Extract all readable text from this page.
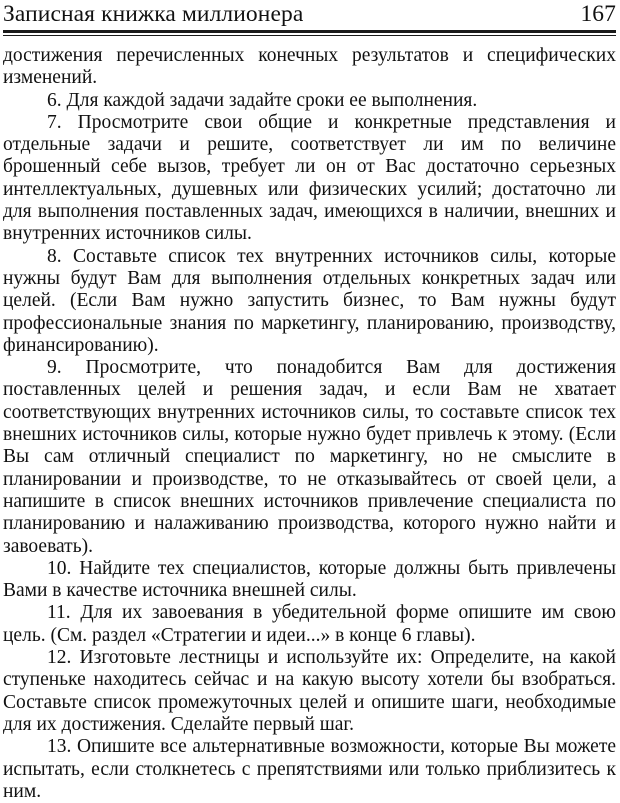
Записная книжка миллионера	167

достижения перечисленных конечных результатов и специфических изменений.

6. Для каждой задачи задайте сроки ее выполнения.

7. Просмотрите свои общие и конкретные представления и отдельные задачи и решите, соответствует ли им по величине брошенный себе вызов, требует ли он от Вас достаточно серьезных интеллектуальных, душевных или физических усилий; достаточно ли для выполнения поставленных задач, имеющихся в наличии, внешних и внутренних источников силы.

8. Составьте список тех внутренних источников силы, которые нужны будут Вам для выполнения отдельных конкретных задач или целей. (Если Вам нужно запустить бизнес, то Вам нужны будут профессиональные знания по маркетингу, планированию, производству, финансированию).

9. Просмотрите, что понадобится Вам для достижения поставленных целей и решения задач, и если Вам не хватает соответствующих внутренних источников силы, то составьте список тех внешних источников силы, которые нужно будет привлечь к этому. (Если Вы сам отличный специалист по маркетингу, но не смыслите в планировании и производстве, то не отказывайтесь от своей цели, а напишите в список внешних источников привлечение специалиста по планированию и налаживанию производства, которого нужно найти и завоевать).

10. Найдите тех специалистов, которые должны быть привлечены Вами в качестве источника внешней силы.

11. Для их завоевания в убедительной форме опишите им свою цель. (См. раздел «Стратегии и идеи...» в конце 6 главы).

12. Изготовьте лестницы и используйте их: Определите, на какой ступеньке находитесь сейчас и на какую высоту хотели бы взобраться. Составьте список промежуточных целей и опишите шаги, необходимые для их достижения. Сделайте первый шаг.

13. Опишите все альтернативные возможности, которые Вы можете испытать, если столкнетесь с препятствиями или только приблизитесь к ним.
